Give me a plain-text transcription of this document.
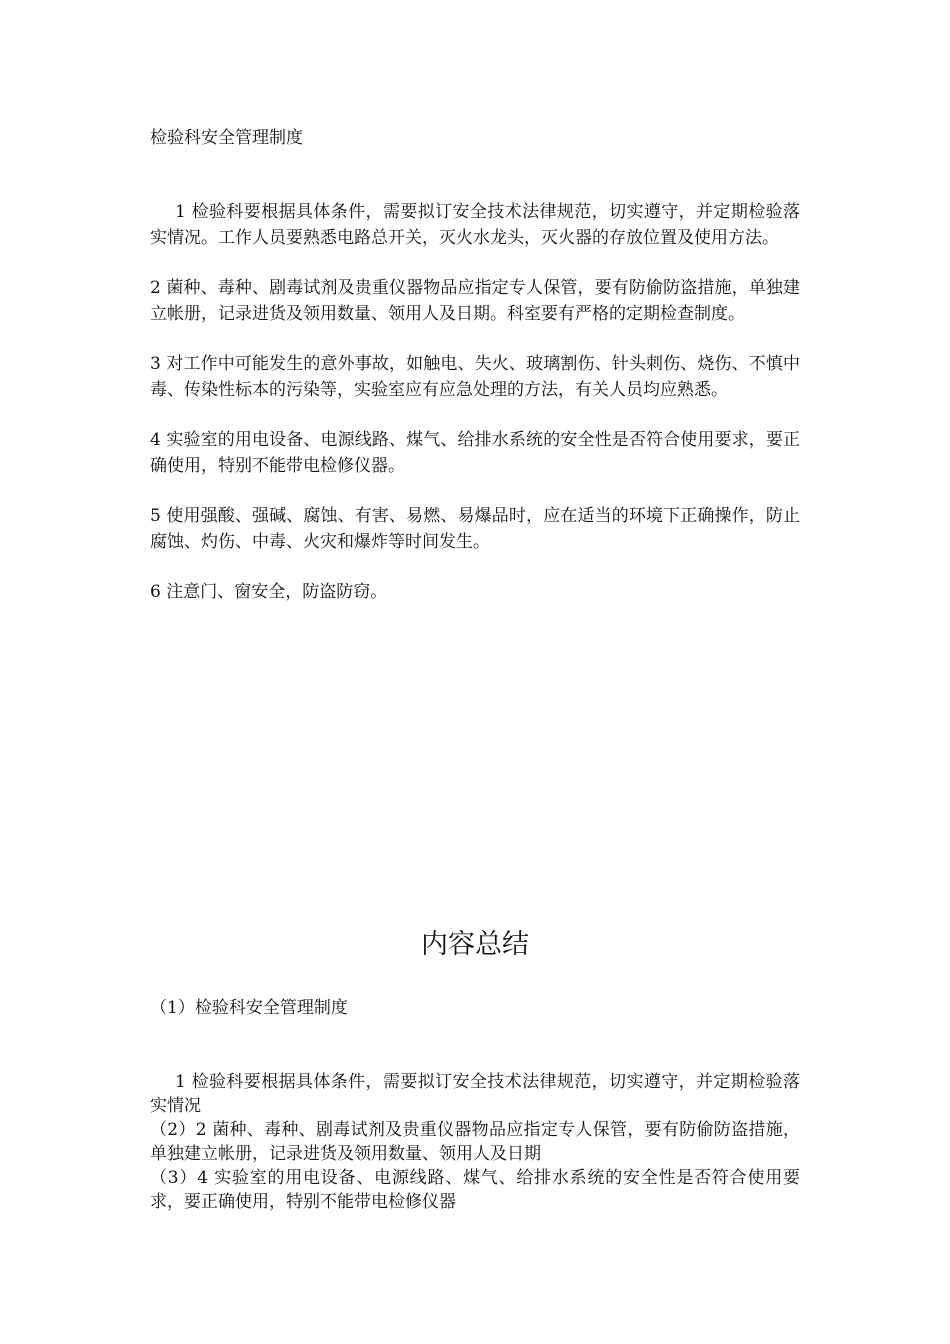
检验科安全管理制度

1 检验科要根据具体条件，需要拟订安全技术法律规范，切实遵守，并定期检验落实情况。工作人员要熟悉电路总开关，灭火水龙头，灭火器的存放位置及使用方法。

2 菌种、毒种、剧毒试剂及贵重仪器物品应指定专人保管，要有防偷防盗措施，单独建立帐册，记录进货及领用数量、领用人及日期。科室要有严格的定期检查制度。

3 对工作中可能发生的意外事故，如触电、失火、玻璃割伤、针头刺伤、烧伤、不慎中毒、传染性标本的污染等，实验室应有应急处理的方法，有关人员均应熟悉。

4 实验室的用电设备、电源线路、煤气、给排水系统的安全性是否符合使用要求，要正确使用，特别不能带电检修仪器。

5 使用强酸、强碱、腐蚀、有害、易燃、易爆品时，应在适当的环境下正确操作，防止腐蚀、灼伤、中毒、火灾和爆炸等时间发生。

6 注意门、窗安全，防盗防窃。

内容总结

（1）检验科安全管理制度

1 检验科要根据具体条件，需要拟订安全技术法律规范，切实遵守，并定期检验落实情况

（2）2 菌种、毒种、剧毒试剂及贵重仪器物品应指定专人保管，要有防偷防盗措施，单独建立帐册，记录进货及领用数量、领用人及日期

（3）4 实验室的用电设备、电源线路、煤气、给排水系统的安全性是否符合使用要求，要正确使用，特别不能带电检修仪器
